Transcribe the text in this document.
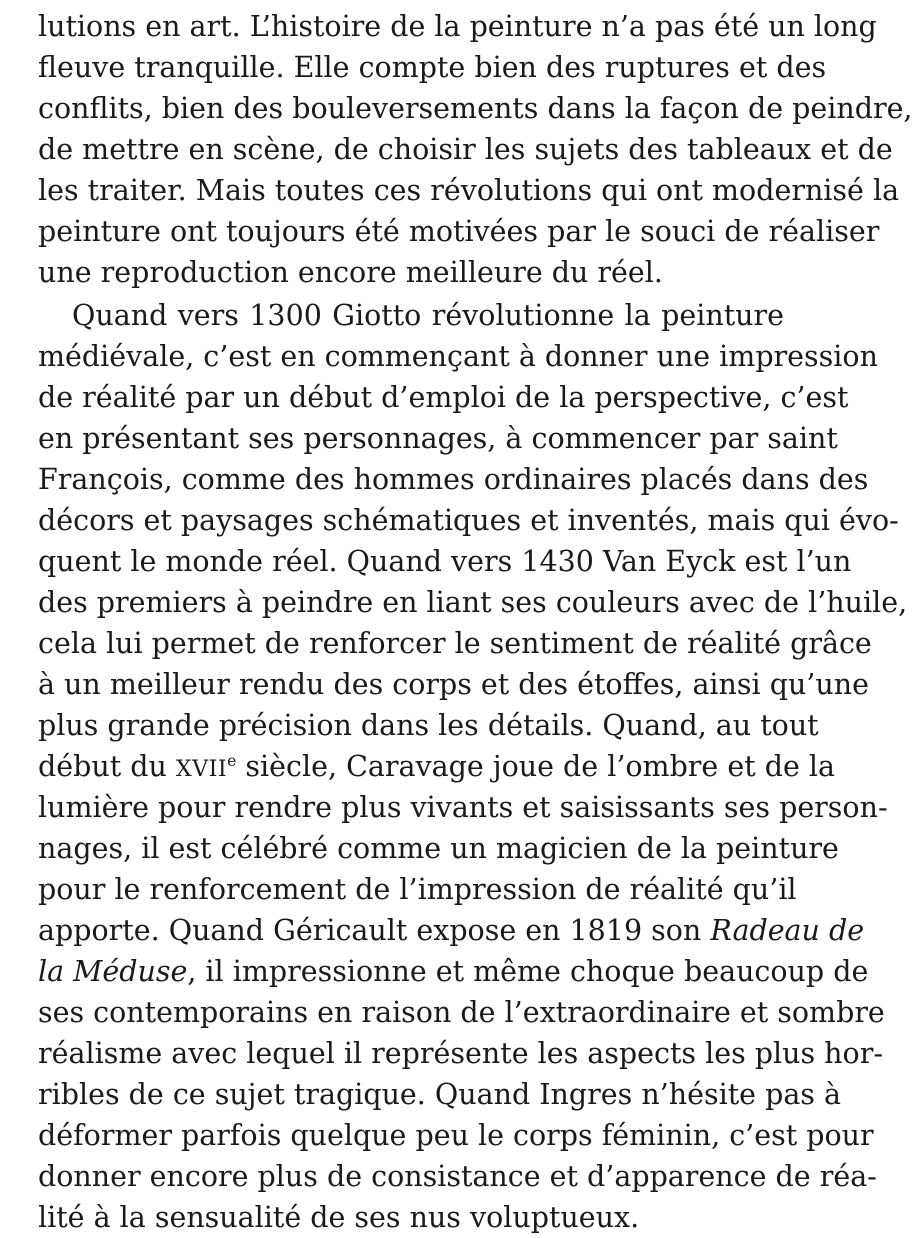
lutions en art. L’histoire de la peinture n’a pas été un long
fleuve tranquille. Elle compte bien des ruptures et des
conflits, bien des bouleversements dans la façon de peindre,
de mettre en scène, de choisir les sujets des tableaux et de
les traiter. Mais toutes ces révolutions qui ont modernisé la
peinture ont toujours été motivées par le souci de réaliser
une reproduction encore meilleure du réel.
Quand vers 1300 Giotto révolutionne la peinture
médiévale, c’est en commençant à donner une impression
de réalité par un début d’emploi de la perspective, c’est
en présentant ses personnages, à commencer par saint
François, comme des hommes ordinaires placés dans des
décors et paysages schématiques et inventés, mais qui évo-
quent le monde réel. Quand vers 1430 Van Eyck est l’un
des premiers à peindre en liant ses couleurs avec de l’huile,
cela lui permet de renforcer le sentiment de réalité grâce
à un meilleur rendu des corps et des étoffes, ainsi qu’une
plus grande précision dans les détails. Quand, au tout
début du XVIIe siècle, Caravage joue de l’ombre et de la
lumière pour rendre plus vivants et saisissants ses person-
nages, il est célébré comme un magicien de la peinture
pour le renforcement de l’impression de réalité qu’il
apporte. Quand Géricault expose en 1819 son Radeau de
la Méduse, il impressionne et même choque beaucoup de
ses contemporains en raison de l’extraordinaire et sombre
réalisme avec lequel il représente les aspects les plus hor-
ribles de ce sujet tragique. Quand Ingres n’hésite pas à
déformer parfois quelque peu le corps féminin, c’est pour
donner encore plus de consistance et d’apparence de réa-
lité à la sensualité de ses nus voluptueux.
